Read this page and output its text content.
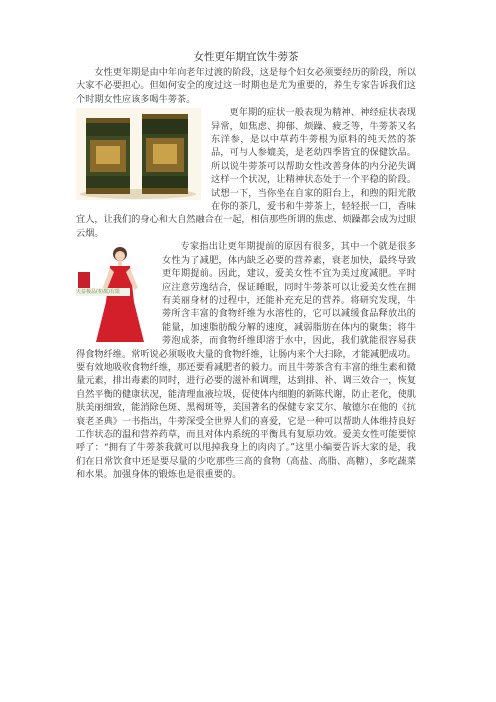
女性更年期宜饮牛蒡茶

女性更年期是由中年向老年过渡的阶段，这是每个妇女必须要经历的阶段，所以大家不必要担心。但如何安全的度过这一时期也是尤为重要的，养生专家告诉我们这个时期女性应该多喝牛蒡茶。

更年期的症状一般表现为精神、神经症状表现异常，如焦虑、抑郁、烦躁、疲乏等，牛蒡茶又名东洋参，是以中草药牛蒡根为原料的纯天然的茶品，可与人参媲美，是老幼四季皆宜的保健饮品。所以说牛蒡茶可以帮助女性改善身体的内分泌失调这样一个状况，让精神状态处于一个平稳的阶段。试想一下，当你坐在自家的阳台上，和煦的阳光散在你的茶几，爱书和牛蒡茶上，轻轻抿一口，香味宜人，让我们的身心和大自然融合在一起，相信那些所谓的焦虑、烦躁都会成为过眼云烟。

天益极品(桓都)有限

专家指出让更年期提前的原因有很多，其中一个就是很多女性为了减肥，体内缺乏必要的营养素，衰老加快，最终导致更年期提前。因此，建议，爱美女性不宜为美过度减肥。平时应注意劳逸结合，保证睡眠，同时牛蒡茶可以让爱美女性在拥有美丽身材的过程中，还能补充充足的营养。将研究发现，牛蒡所含丰富的食物纤维为水溶性的，它可以减缓食品释放出的能量，加速脂肪酸分解的速度，减弱脂肪在体内的聚集；将牛蒡泡成茶，而食物纤维即溶于水中，因此，我们就能很容易获得食物纤维。常听说必须吸收大量的食物纤维，让肠内来个大扫除，才能减肥成功。 要有效地吸收食物纤维，那还要看减肥者的毅力。而且牛蒡茶含有丰富的维生素和微量元素，排出毒素的同时，进行必要的滋补和调理，达到排、补、调三效合一，恢复自然平衡的健康状况，能清理血液垃圾，促使体内细胞的新陈代谢，防止老化，使肌肤美丽细致，能消除色斑、黑褐斑等，美国著名的保健专家艾尔、敏德尔在他的《抗衰老圣典》一书指出，牛蒡深受全世界人们的喜爱，它是一种可以帮助人体维持良好工作状态的温和营养药草，而且对体内系统的平衡具有复原功效。爱美女性可能要惊呼了：“拥有了牛蒡茶我就可以甩掉我身上的肉肉了。”这里小编要告诉大家的是，我们在日常饮食中还是要尽量的少吃那些三高的食物（高盐、高脂、高糖），多吃蔬菜和水果。加强身体的锻炼也是很重要的。
